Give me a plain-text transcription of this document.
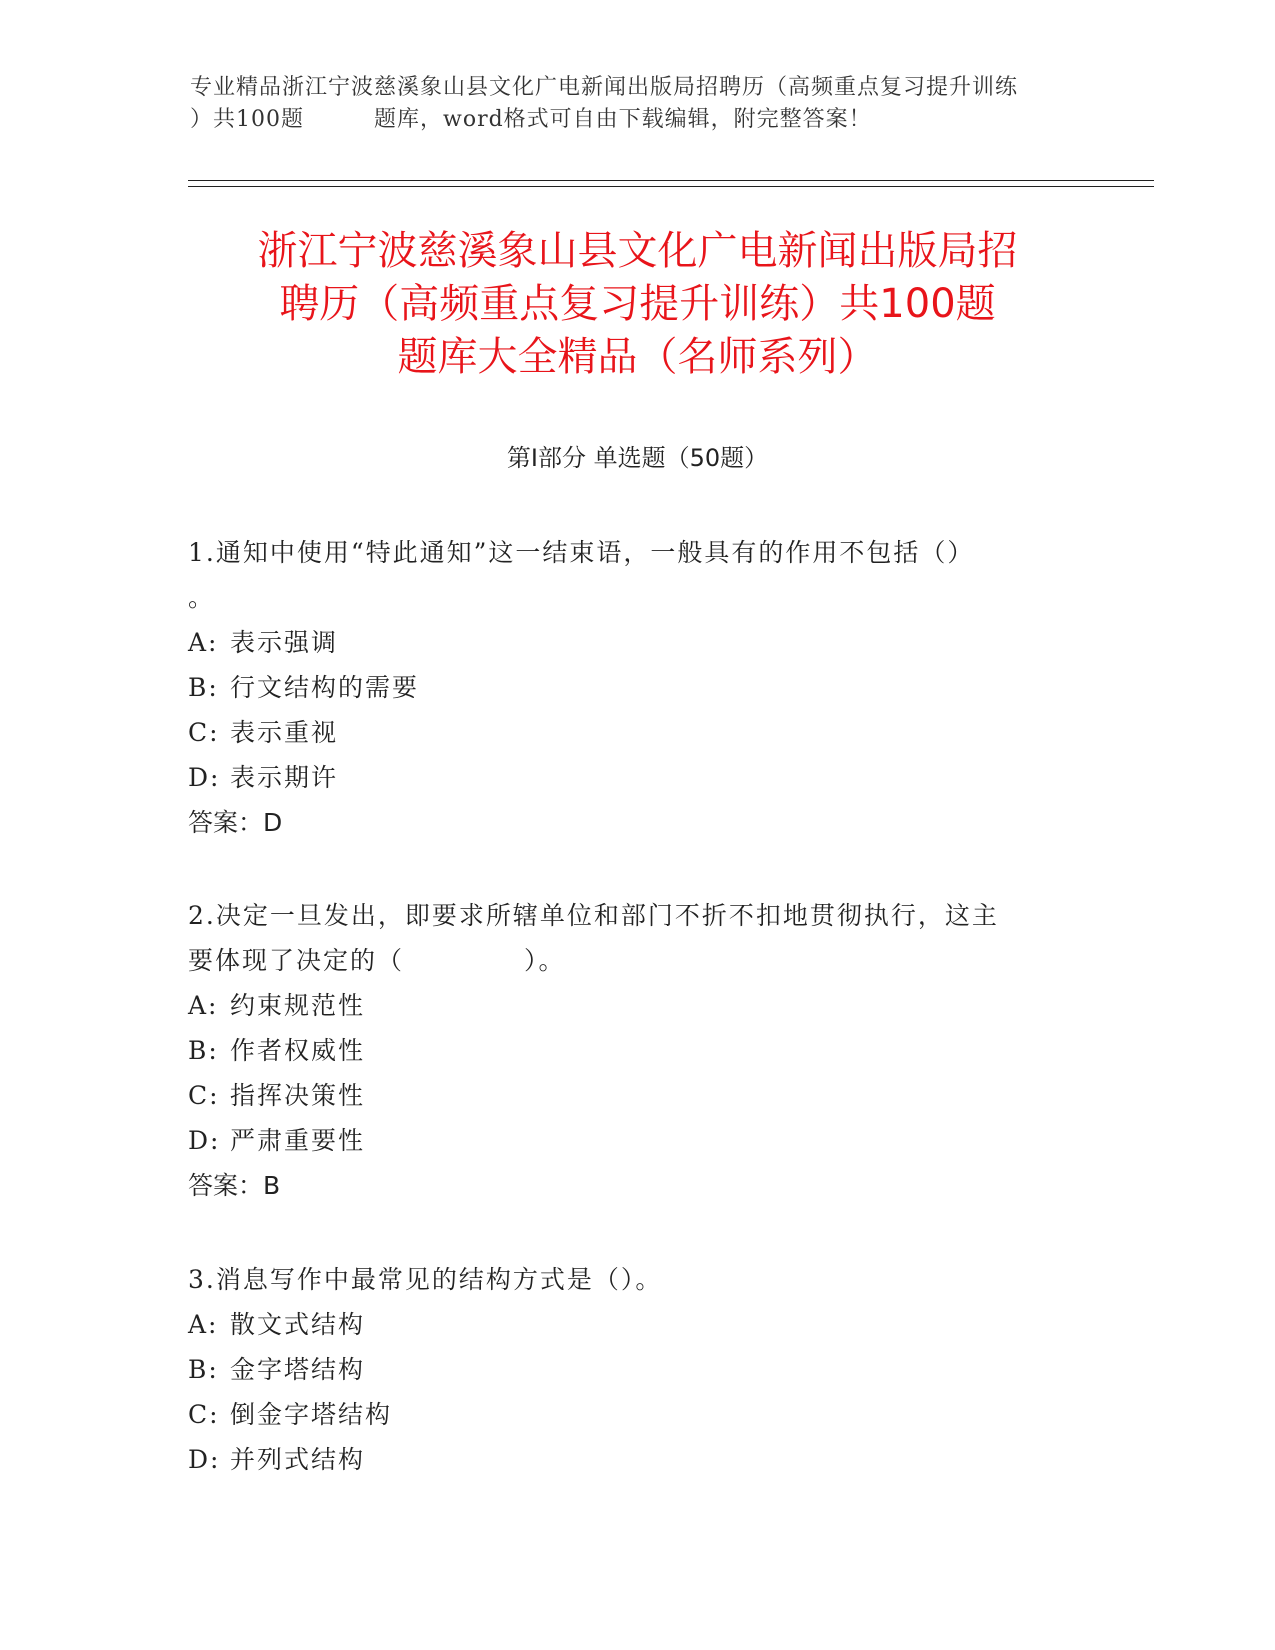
专业精品浙江宁波慈溪象山县文化广电新闻出版局招聘历（高频重点复习提升训练
）共100题	题库，word格式可自由下载编辑，附完整答案！
浙江宁波慈溪象山县文化广电新闻出版局招
聘历（高频重点复习提升训练）共100题
题库大全精品（名师系列）
第Ⅰ部分 单选题（50题）
1.通知中使用“特此通知”这一结束语，一般具有的作用不包括（）
。
A: 表示强调
B: 行文结构的需要
C: 表示重视
D: 表示期许
答案：D
2.决定一旦发出，即要求所辖单位和部门不折不扣地贯彻执行，这主
要体现了决定的（	）。
A: 约束规范性
B: 作者权威性
C: 指挥决策性
D: 严肃重要性
答案：B
3.消息写作中最常见的结构方式是（）。
A: 散文式结构
B: 金字塔结构
C: 倒金字塔结构
D: 并列式结构
